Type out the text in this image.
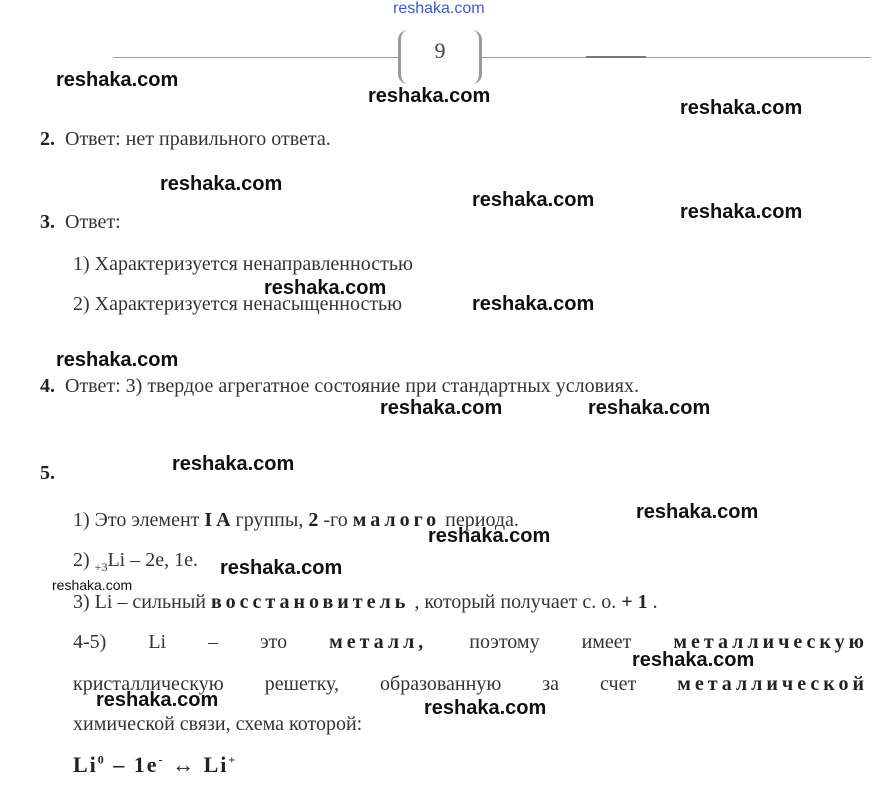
reshaka.com
9
reshaka.com
reshaka.com
reshaka.com
reshaka.com
reshaka.com
reshaka.com
reshaka.com
reshaka.com
reshaka.com
reshaka.com	reshaka.com
reshaka.com
reshaka.com
reshaka.com
reshaka.com
reshaka.com
reshaka.com
reshaka.com	reshaka.com
2. Ответ: нет правильного ответа.
3. Ответ:
1) Характеризуется ненаправленностью
2) Характеризуется ненасыщенностью
4. Ответ: 3) твердое агрегатное состояние при стандартных условиях.
5.
1) Это элемент I A группы, 2 -го малого периода.
2) $_{+3}$Li – 2e, 1e.
3) Li – сильный восстановитель , который получает с. о. + 1 .
4-5) Li – это металл, поэтому имеет металлическую
кристаллическую решетку, образованную за счет металлической
химической связи, схема которой:
Li$^0$ – 1e- ↔ Li+
